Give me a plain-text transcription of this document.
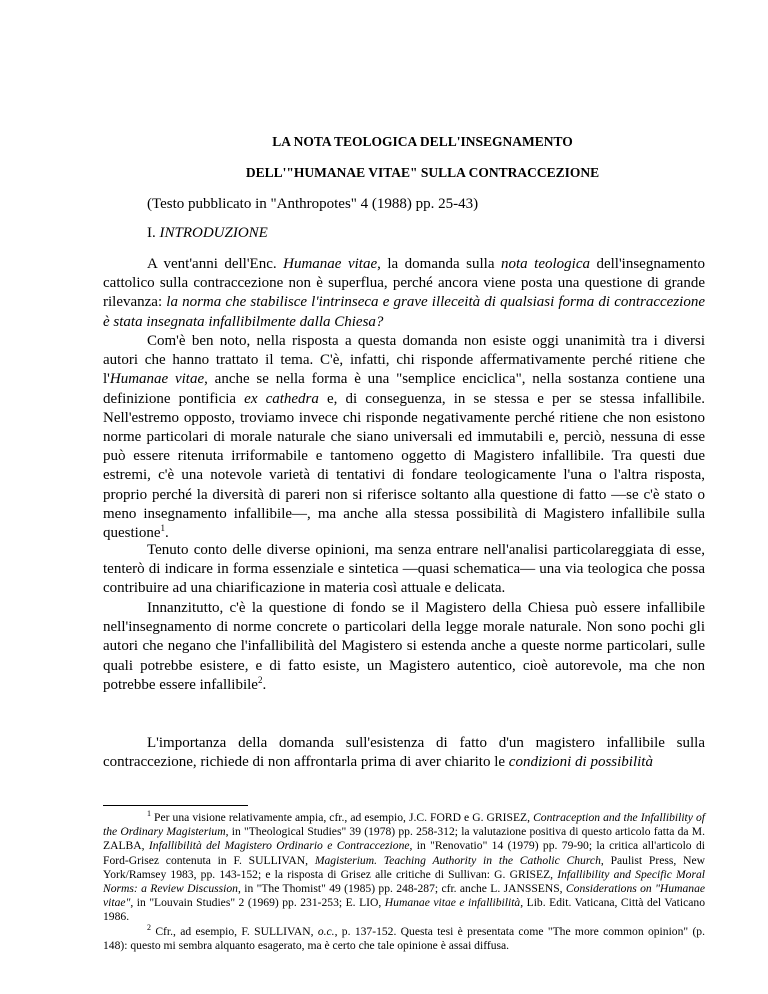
LA NOTA TEOLOGICA DELL'INSEGNAMENTO
DELL'"HUMANAE VITAE" SULLA CONTRACCEZIONE
(Testo pubblicato in "Anthropotes" 4 (1988) pp. 25-43)
I. INTRODUZIONE

A vent'anni dell'Enc. Humanae vitae, la domanda sulla nota teologica dell'insegnamento cattolico sulla contraccezione non è superflua, perché ancora viene posta una questione di grande rilevanza: la norma che stabilisce l'intrinseca e grave illeceità di qualsiasi forma di contraccezione è stata insegnata infallibilmente dalla Chiesa?

Com'è ben noto, nella risposta a questa domanda non esiste oggi unanimità tra i diversi autori che hanno trattato il tema. C'è, infatti, chi risponde affermativamente perché ritiene che l'Humanae vitae, anche se nella forma è una "semplice enciclica", nella sostanza contiene una definizione pontificia ex cathedra e, di conseguenza, in se stessa e per se stessa infallibile. Nell'estremo opposto, troviamo invece chi risponde negativamente perché ritiene che non esistono norme particolari di morale naturale che siano universali ed immutabili e, perciò, nessuna di esse può essere ritenuta irriformabile e tantomeno oggetto di Magistero infallibile. Tra questi due estremi, c'è una notevole varietà di tentativi di fondare teologicamente l'una o l'altra risposta, proprio perché la diversità di pareri non si riferisce soltanto alla questione di fatto —se c'è stato o meno insegnamento infallibile—, ma anche alla stessa possibilità di Magistero infallibile sulla questione$^1$.

Tenuto conto delle diverse opinioni, ma senza entrare nell'analisi particolareggiata di esse, tenterò di indicare in forma essenziale e sintetica —quasi schematica— una via teologica che possa contribuire ad una chiarificazione in materia così attuale e delicata.

Innanzitutto, c'è la questione di fondo se il Magistero della Chiesa può essere infallibile nell'insegnamento di norme concrete o particolari della legge morale naturale. Non sono pochi gli autori che negano che l'infallibilità del Magistero si estenda anche a queste norme particolari, sulle quali potrebbe esistere, e di fatto esiste, un Magistero autentico, cioè autorevole, ma che non potrebbe essere infallibile$^2$.

L'importanza della domanda sull'esistenza di fatto d'un magistero infallibile sulla contraccezione, richiede di non affrontarla prima di aver chiarito le condizioni di possibilità

$^1$ Per una visione relativamente ampia, cfr., ad esempio, J.C. FORD e G. GRISEZ, Contraception and the Infallibility of the Ordinary Magisterium, in "Theological Studies" 39 (1978) pp. 258-312; la valutazione positiva di questo articolo fatta da M. ZALBA, Infallibilità del Magistero Ordinario e Contraccezione, in "Renovatio" 14 (1979) pp. 79-90; la critica all'articolo di Ford-Grisez contenuta in F. SULLIVAN, Magisterium. Teaching Authority in the Catholic Church, Paulist Press, New York/Ramsey 1983, pp. 143-152; e la risposta di Grisez alle critiche di Sullivan: G. GRISEZ, Infallibility and Specific Moral Norms: a Review Discussion, in "The Thomist" 49 (1985) pp. 248-287; cfr. anche L. JANSSENS, Considerations on "Humanae vitae", in "Louvain Studies" 2 (1969) pp. 231-253; E. LIO, Humanae vitae e infallibilità, Lib. Edit. Vaticana, Città del Vaticano 1986.

$^2$ Cfr., ad esempio, F. SULLIVAN, o.c., p. 137-152. Questa tesi è presentata come "The more common opinion" (p. 148): questo mi sembra alquanto esagerato, ma è certo che tale opinione è assai diffusa.
